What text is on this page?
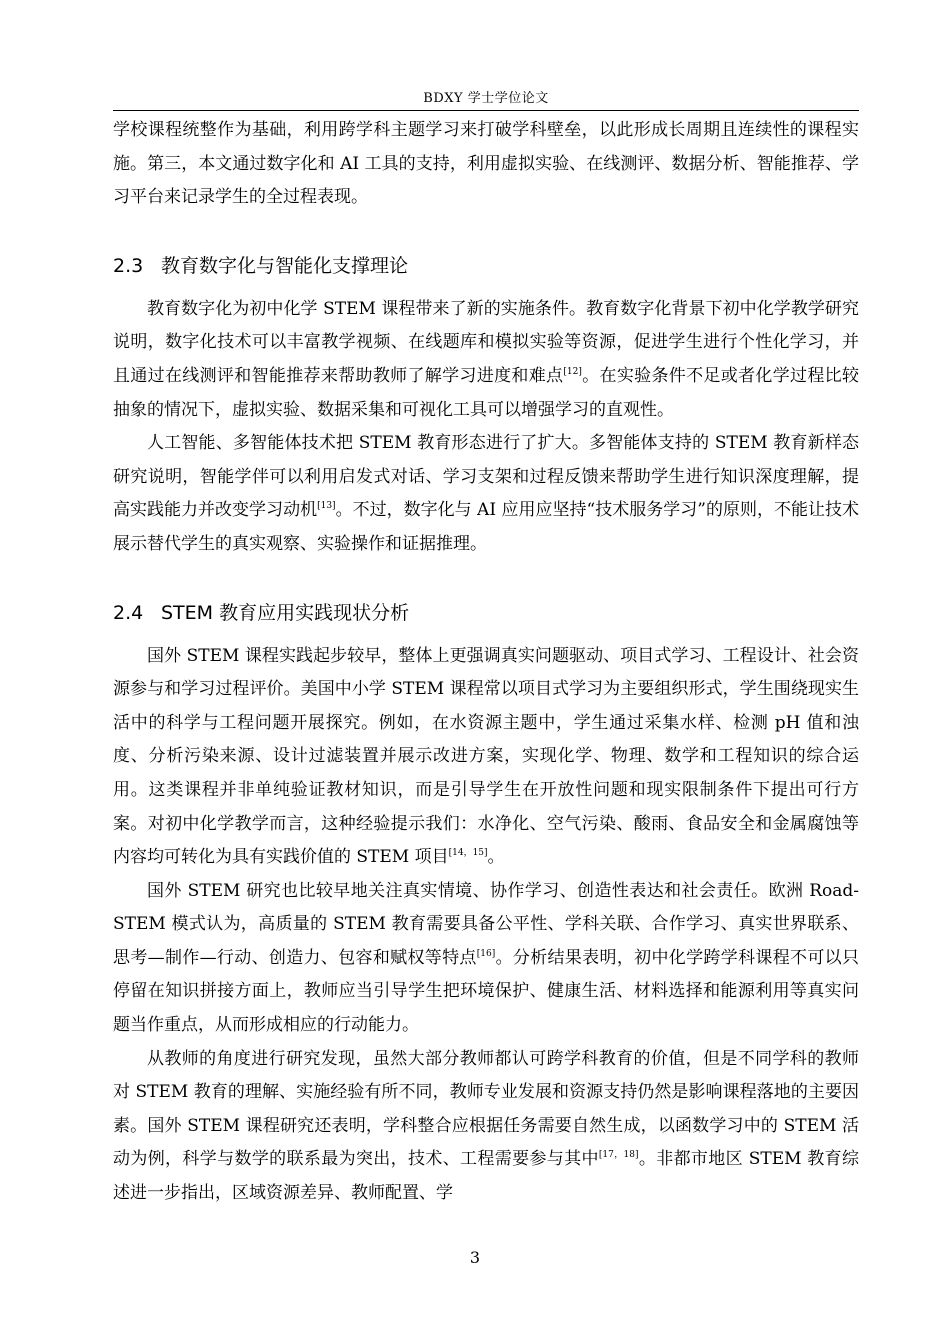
BDXY 学士学位论文

学校课程统整作为基础，利用跨学科主题学习来打破学科壁垒，以此形成长周期且连续性的课程实施。第三，本文通过数字化和 AI 工具的支持，利用虚拟实验、在线测评、数据分析、智能推荐、学习平台来记录学生的全过程表现。

2.3 教育数字化与智能化支撑理论

教育数字化为初中化学 STEM 课程带来了新的实施条件。教育数字化背景下初中化学教学研究说明，数字化技术可以丰富教学视频、在线题库和模拟实验等资源，促进学生进行个性化学习，并且通过在线测评和智能推荐来帮助教师了解学习进度和难点[12]。在实验条件不足或者化学过程比较抽象的情况下，虚拟实验、数据采集和可视化工具可以增强学习的直观性。

人工智能、多智能体技术把 STEM 教育形态进行了扩大。多智能体支持的 STEM 教育新样态研究说明，智能学伴可以利用启发式对话、学习支架和过程反馈来帮助学生进行知识深度理解，提高实践能力并改变学习动机[13]。不过，数字化与 AI 应用应坚持“技术服务学习”的原则，不能让技术展示替代学生的真实观察、实验操作和证据推理。

2.4 STEM 教育应用实践现状分析

国外 STEM 课程实践起步较早，整体上更强调真实问题驱动、项目式学习、工程设计、社会资源参与和学习过程评价。美国中小学 STEM 课程常以项目式学习为主要组织形式，学生围绕现实生活中的科学与工程问题开展探究。例如，在水资源主题中，学生通过采集水样、检测 pH 值和浊度、分析污染来源、设计过滤装置并展示改进方案，实现化学、物理、数学和工程知识的综合运用。这类课程并非单纯验证教材知识，而是引导学生在开放性问题和现实限制条件下提出可行方案。对初中化学教学而言，这种经验提示我们：水净化、空气污染、酸雨、食品安全和金属腐蚀等内容均可转化为具有实践价值的 STEM 项目[14，15]。

国外 STEM 研究也比较早地关注真实情境、协作学习、创造性表达和社会责任。欧洲 Road-STEM 模式认为，高质量的 STEM 教育需要具备公平性、学科关联、合作学习、真实世界联系、思考—制作—行动、创造力、包容和赋权等特点[16]。分析结果表明，初中化学跨学科课程不可以只停留在知识拼接方面上，教师应当引导学生把环境保护、健康生活、材料选择和能源利用等真实问题当作重点，从而形成相应的行动能力。

从教师的角度进行研究发现，虽然大部分教师都认可跨学科教育的价值，但是不同学科的教师对 STEM 教育的理解、实施经验有所不同，教师专业发展和资源支持仍然是影响课程落地的主要因素。国外 STEM 课程研究还表明，学科整合应根据任务需要自然生成，以函数学习中的 STEM 活动为例，科学与数学的联系最为突出，技术、工程需要参与其中[17，18]。非都市地区 STEM 教育综述进一步指出，区域资源差异、教师配置、学

3
